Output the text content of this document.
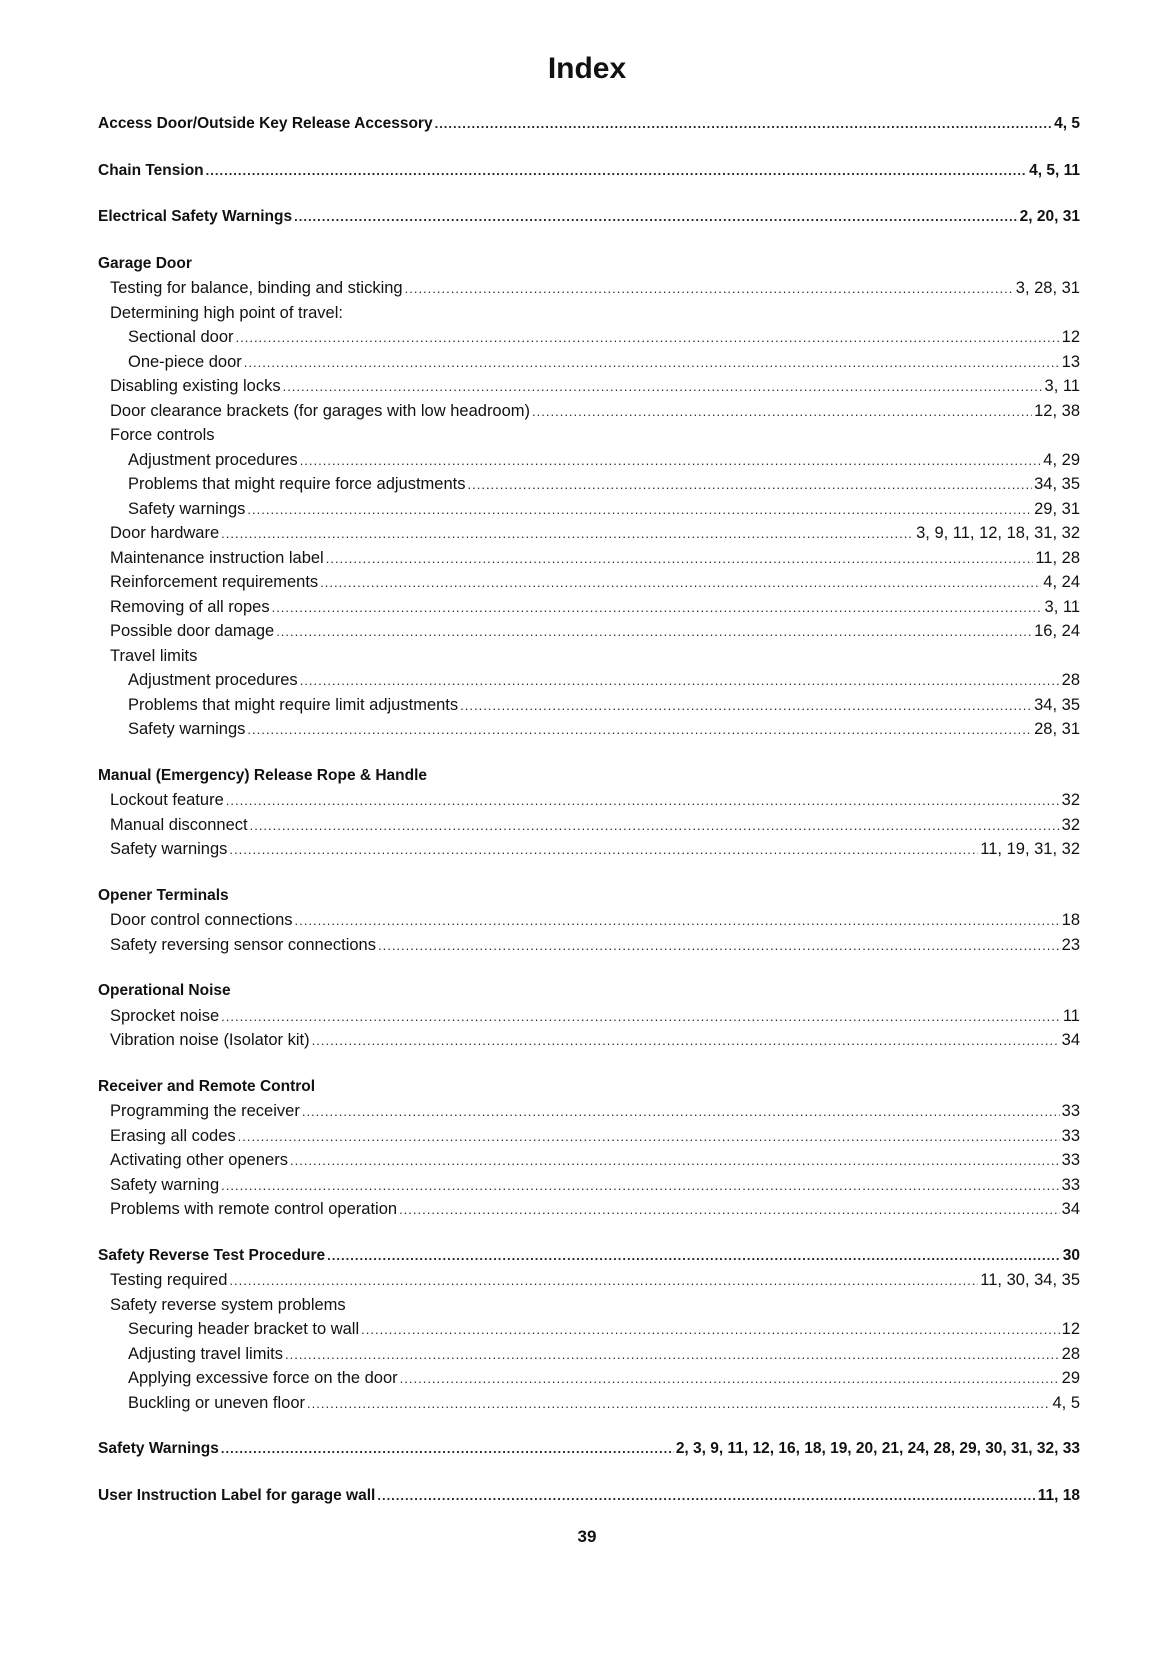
Index
Access Door/Outside Key Release Accessory .....	4, 5
Chain Tension .....	4, 5, 11
Electrical Safety Warnings .....	2, 20, 31
Garage Door
Testing for balance, binding and sticking .....	3, 28, 31
Determining high point of travel:
Sectional door .....	12
One-piece door .....	13
Disabling existing locks .....	3, 11
Door clearance brackets (for garages with low headroom) .....	12, 38
Force controls
Adjustment procedures .....	4, 29
Problems that might require force adjustments .....	34, 35
Safety warnings .....	29, 31
Door hardware .....	3, 9, 11, 12, 18, 31, 32
Maintenance instruction label .....	11, 28
Reinforcement requirements .....	4, 24
Removing of all ropes .....	3, 11
Possible door damage .....	16, 24
Travel limits
Adjustment procedures .....	28
Problems that might require limit adjustments .....	34, 35
Safety warnings .....	28, 31
Manual (Emergency) Release Rope & Handle
Lockout feature .....	32
Manual disconnect .....	32
Safety warnings .....	11, 19, 31, 32
Opener Terminals
Door control connections .....	18
Safety reversing sensor connections .....	23
Operational Noise
Sprocket noise .....	11
Vibration noise (Isolator kit) .....	34
Receiver and Remote Control
Programming the receiver .....	33
Erasing all codes .....	33
Activating other openers .....	33
Safety warning .....	33
Problems with remote control operation .....	34
Safety Reverse Test Procedure .....	30
Testing required .....	11, 30, 34, 35
Safety reverse system problems
Securing header bracket to wall .....	12
Adjusting travel limits .....	28
Applying excessive force on the door .....	29
Buckling or uneven floor .....	4, 5
Safety Warnings .....	2, 3, 9, 11, 12, 16, 18, 19, 20, 21, 24, 28, 29, 30, 31, 32, 33
User Instruction Label for garage wall .....	11, 18
39
